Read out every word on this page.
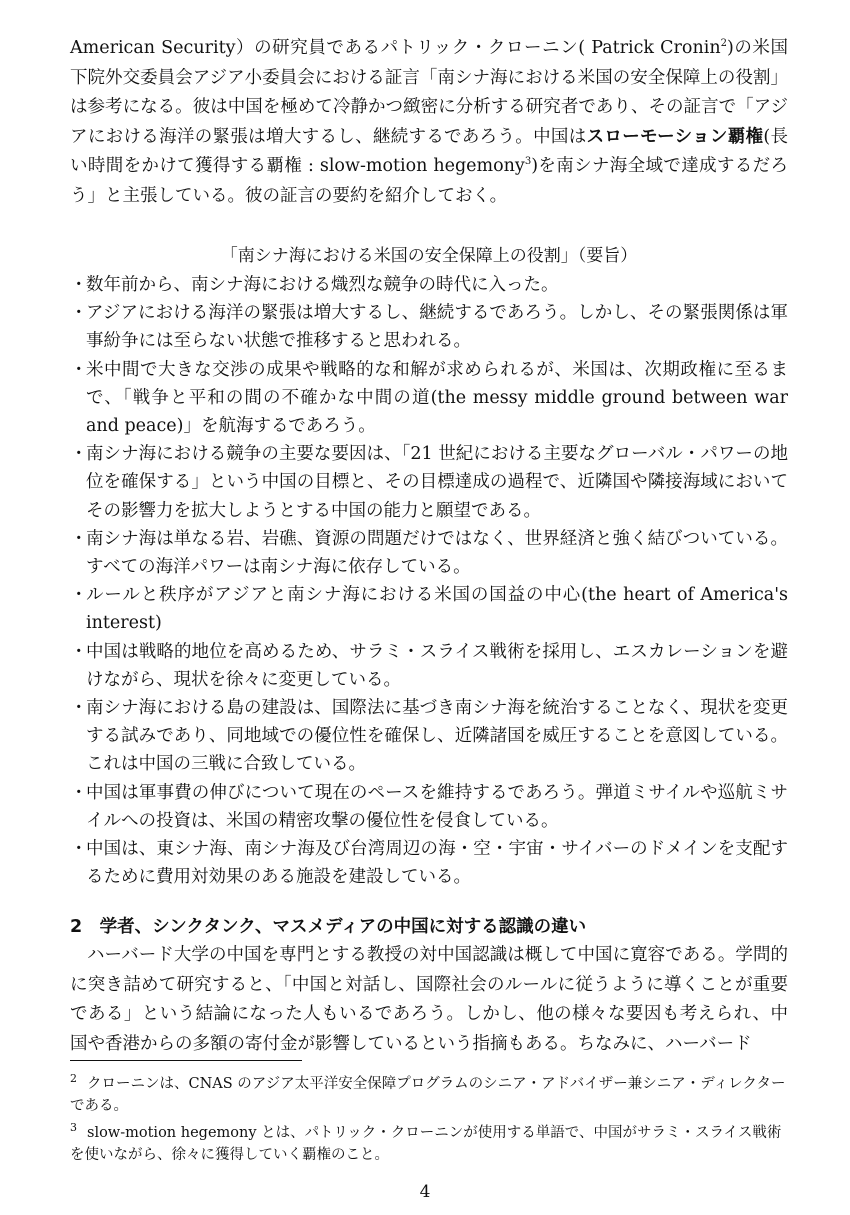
American Security）の研究員であるパトリック・クローニン( Patrick Cronin$^2$)の米国下院外交委員会アジア小委員会における証言「南シナ海における米国の安全保障上の役割」は参考になる。彼は中国を極めて冷静かつ緻密に分析する研究者であり、その証言で「アジアにおける海洋の緊張は増大するし、継続するであろう。中国はスローモーション覇権(長い時間をかけて獲得する覇権 : slow-motion hegemony$^3$)を南シナ海全域で達成するだろう」と主張している。彼の証言の要約を紹介しておく。

「南シナ海における米国の安全保障上の役割」（要旨）
・
数年前から、南シナ海における熾烈な競争の時代に入った。
・
アジアにおける海洋の緊張は増大するし、継続するであろう。しかし、その緊張関係は軍事紛争には至らない状態で推移すると思われる。
・
米中間で大きな交渉の成果や戦略的な和解が求められるが、米国は、次期政権に至るまで、「戦争と平和の間の不確かな中間の道(the messy middle ground between war and peace)」を航海するであろう。
・
南シナ海における競争の主要な要因は、「21 世紀における主要なグローバル・パワーの地位を確保する」という中国の目標と、その目標達成の過程で、近隣国や隣接海域においてその影響力を拡大しようとする中国の能力と願望である。
・
南シナ海は単なる岩、岩礁、資源の問題だけではなく、世界経済と強く結びついている。すべての海洋パワーは南シナ海に依存している。
・
ルールと秩序がアジアと南シナ海における米国の国益の中心(the heart of America's interest)
・
中国は戦略的地位を高めるため、サラミ・スライス戦術を採用し、エスカレーションを避けながら、現状を徐々に変更している。
・
南シナ海における島の建設は、国際法に基づき南シナ海を統治することなく、現状を変更する試みであり、同地域での優位性を確保し、近隣諸国を威圧することを意図している。これは中国の三戦に合致している。
・
中国は軍事費の伸びについて現在のペースを維持するであろう。弾道ミサイルや巡航ミサイルへの投資は、米国の精密攻撃の優位性を侵食している。
・
中国は、東シナ海、南シナ海及び台湾周辺の海・空・宇宙・サイバーのドメインを支配するために費用対効果のある施設を建設している。
2　学者、シンクタンク、マスメディアの中国に対する認識の違い

ハーバード大学の中国を専門とする教授の対中国認識は概して中国に寛容である。学問的に突き詰めて研究すると、「中国と対話し、国際社会のルールに従うように導くことが重要である」という結論になった人もいるであろう。しかし、他の様々な要因も考えられ、中国や香港からの多額の寄付金が影響しているという指摘もある。ちなみに、ハーバード

$^2$ クローニンは、CNAS のアジア太平洋安全保障プログラムのシニア・アドバイザー兼シニア・ディレクターである。

$^3$ slow-motion hegemony とは、パトリック・クローニンが使用する単語で、中国がサラミ・スライス戦術を使いながら、徐々に獲得していく覇権のこと。

4
